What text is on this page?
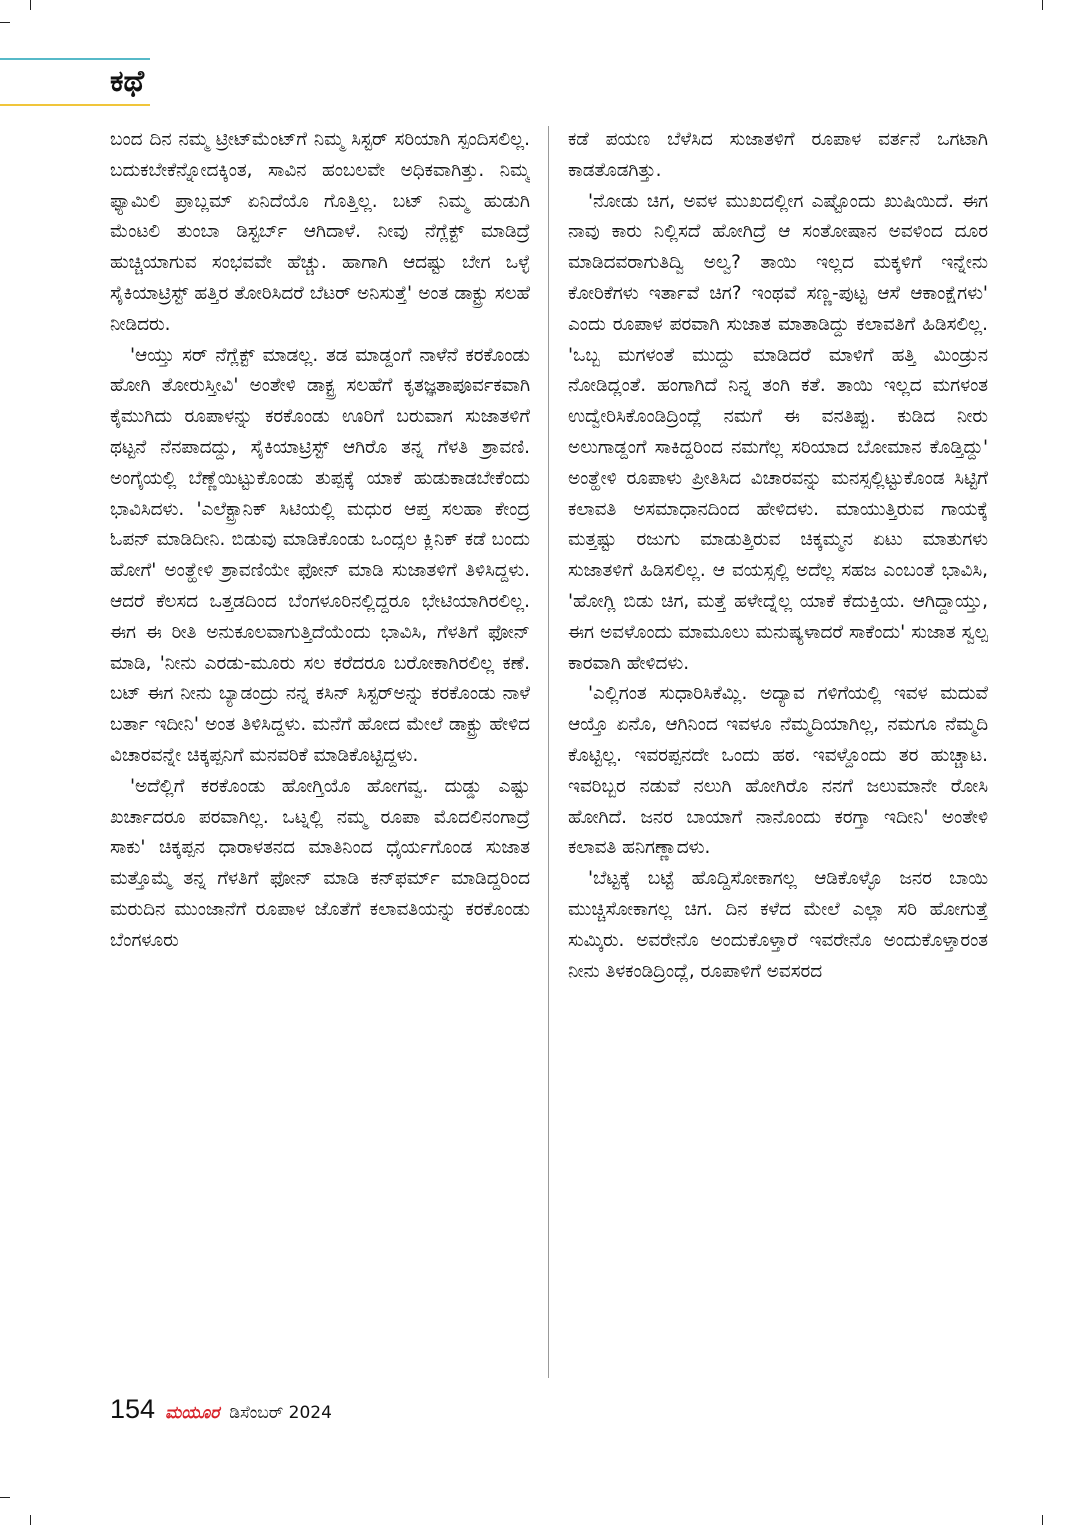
ಕಥೆ

ಬಂದ ದಿನ ನಮ್ಮ ಟ್ರೀಟ್‌ಮೆಂಟ್‌ಗೆ ನಿಮ್ಮ ಸಿಸ್ಟರ್ ಸರಿಯಾಗಿ ಸ್ಪಂದಿಸಲಿಲ್ಲ. ಬದುಕಬೇಕೆನ್ನೋದಕ್ಕಿಂತ, ಸಾವಿನ ಹಂಬಲವೇ ಅಧಿಕವಾಗಿತ್ತು. ನಿಮ್ಮ ಫ್ಯಾಮಿಲಿ ಪ್ರಾಬ್ಲಮ್ ಏನಿದೆಯೊ ಗೊತ್ತಿಲ್ಲ. ಬಟ್ ನಿಮ್ಮ ಹುಡುಗಿ ಮೆಂಟಲಿ ತುಂಬಾ ಡಿಸ್ಟರ್ಬ್ ಆಗಿದಾಳೆ. ನೀವು ನೆಗ್ಲೆಕ್ಟ್ ಮಾಡಿದ್ರೆ ಹುಚ್ಚಿಯಾಗುವ ಸಂಭವವೇ ಹೆಚ್ಚು. ಹಾಗಾಗಿ ಆದಷ್ಟು ಬೇಗ ಒಳ್ಳೆ ಸೈಕಿಯಾಟ್ರಿಸ್ಟ್ ಹತ್ತಿರ ತೋರಿಸಿದರೆ ಬೆಟರ್ ಅನಿಸುತ್ತೆ' ಅಂತ ಡಾಕ್ಟ್ರು ಸಲಹೆ ನೀಡಿದರು.

'ಆಯ್ತು ಸರ್ ನೆಗ್ಲೆಕ್ಟ್ ಮಾಡಲ್ಲ. ತಡ ಮಾಡ್ದಂಗೆ ನಾಳೆನೆ ಕರಕೊಂಡು ಹೋಗಿ ತೋರುಸ್ತೀವಿ' ಅಂತೇಳಿ ಡಾಕ್ಟ್ರ ಸಲಹೆಗೆ ಕೃತಜ್ಞತಾಪೂರ್ವಕವಾಗಿ ಕೈಮುಗಿದು ರೂಪಾಳನ್ನು ಕರಕೊಂಡು ಊರಿಗೆ ಬರುವಾಗ ಸುಜಾತಳಿಗೆ ಥಟ್ಟನೆ ನೆನಪಾದದ್ದು, ಸೈಕಿಯಾಟ್ರಿಸ್ಟ್ ಆಗಿರೊ ತನ್ನ ಗೆಳತಿ ಶ್ರಾವಣಿ. ಅಂಗೈಯಲ್ಲಿ ಬೆಣ್ಣೆಯಿಟ್ಟುಕೊಂಡು ತುಪ್ಪಕ್ಕೆ ಯಾಕೆ ಹುಡುಕಾಡಬೇಕೆಂದು ಭಾವಿಸಿದಳು. 'ಎಲೆಕ್ಟ್ರಾನಿಕ್ ಸಿಟಿಯಲ್ಲಿ ಮಧುರ ಆಪ್ತ ಸಲಹಾ ಕೇಂದ್ರ ಓಪನ್ ಮಾಡಿದೀನಿ. ಬಿಡುವು ಮಾಡಿಕೊಂಡು ಒಂದ್ಸಲ ಕ್ಲಿನಿಕ್ ಕಡೆ ಬಂದು ಹೋಗೆ' ಅಂತ್ಹೇಳಿ ಶ್ರಾವಣಿಯೇ ಫೋನ್ ಮಾಡಿ ಸುಜಾತಳಿಗೆ ತಿಳಿಸಿದ್ದಳು. ಆದರೆ ಕೆಲಸದ ಒತ್ತಡದಿಂದ ಬೆಂಗಳೂರಿನಲ್ಲಿದ್ದರೂ ಭೇಟಿಯಾಗಿರಲಿಲ್ಲ. ಈಗ ಈ ರೀತಿ ಅನುಕೂಲವಾಗುತ್ತಿದೆಯೆಂದು ಭಾವಿಸಿ, ಗೆಳತಿಗೆ ಫೋನ್ ಮಾಡಿ, 'ನೀನು ಎರಡು-ಮೂರು ಸಲ ಕರೆದರೂ ಬರೋಕಾಗಿರಲಿಲ್ಲ ಕಣೆ. ಬಟ್ ಈಗ ನೀನು ಬ್ಯಾಡಂದ್ರು ನನ್ನ ಕಸಿನ್ ಸಿಸ್ಟರ್‌ಅನ್ನು ಕರಕೊಂಡು ನಾಳೆ ಬರ್ತಾ ಇದೀನಿ' ಅಂತ ತಿಳಿಸಿದ್ದಳು. ಮನೆಗೆ ಹೋದ ಮೇಲೆ ಡಾಕ್ಟ್ರು ಹೇಳಿದ ವಿಚಾರವನ್ನೇ ಚಿಕ್ಕಪ್ಪನಿಗೆ ಮನವರಿಕೆ ಮಾಡಿಕೊಟ್ಟಿದ್ದಳು.

'ಅದೆಲ್ಲಿಗೆ ಕರಕೊಂಡು ಹೋಗ್ತಿಯೊ ಹೋಗವ್ವ. ದುಡ್ಡು ಎಷ್ಟು ಖರ್ಚಾದರೂ ಪರವಾಗಿಲ್ಲ. ಒಟ್ನಲ್ಲಿ ನಮ್ಮ ರೂಪಾ ಮೊದಲಿನಂಗಾದ್ರೆ ಸಾಕು' ಚಿಕ್ಕಪ್ಪನ ಧಾರಾಳತನದ ಮಾತಿನಿಂದ ಧೈರ್ಯಗೊಂಡ ಸುಜಾತ ಮತ್ತೊಮ್ಮೆ ತನ್ನ ಗೆಳತಿಗೆ ಫೋನ್ ಮಾಡಿ ಕನ್‌ಫರ್ಮ್ ಮಾಡಿದ್ದರಿಂದ ಮರುದಿನ ಮುಂಜಾನೆಗೆ ರೂಪಾಳ ಜೊತೆಗೆ ಕಲಾವತಿಯನ್ನು ಕರಕೊಂಡು ಬೆಂಗಳೂರು

ಕಡೆ ಪಯಣ ಬೆಳೆಸಿದ ಸುಜಾತಳಿಗೆ ರೂಪಾಳ ವರ್ತನೆ ಒಗಟಾಗಿ ಕಾಡತೊಡಗಿತ್ತು.

'ನೋಡು ಚಿಗ, ಅವಳ ಮುಖದಲ್ಲೀಗ ಎಷ್ಟೊಂದು ಖುಷಿಯಿದೆ. ಈಗ ನಾವು ಕಾರು ನಿಲ್ಲಿಸದೆ ಹೋಗಿದ್ರೆ ಆ ಸಂತೋಷಾನ ಅವಳಿಂದ ದೂರ ಮಾಡಿದವರಾಗುತಿದ್ವಿ ಅಲ್ವ? ತಾಯಿ ಇಲ್ಲದ ಮಕ್ಕಳಿಗೆ ಇನ್ನೇನು ಕೋರಿಕೆಗಳು ಇರ್ತಾವೆ ಚಿಗ? ಇಂಥವೆ ಸಣ್ಣ-ಪುಟ್ಟ ಆಸೆ ಆಕಾಂಕ್ಷೆಗಳು' ಎಂದು ರೂಪಾಳ ಪರವಾಗಿ ಸುಜಾತ ಮಾತಾಡಿದ್ದು ಕಲಾವತಿಗೆ ಹಿಡಿಸಲಿಲ್ಲ. 'ಒಬ್ಬ ಮಗಳಂತೆ ಮುದ್ದು ಮಾಡಿದರೆ ಮಾಳಿಗೆ ಹತ್ತಿ ಮಿಂಡ್ರುನ ನೋಡಿದ್ಲಂತೆ. ಹಂಗಾಗಿದೆ ನಿನ್ನ ತಂಗಿ ಕತೆ. ತಾಯಿ ಇಲ್ಲದ ಮಗಳಂತ ಉದ್ವೇರಿಸಿಕೊಂಡಿದ್ರಿಂದ್ಲೆ ನಮಗೆ ಈ ವನತಿಪ್ಪು. ಕುಡಿದ ನೀರು ಅಲುಗಾಡ್ದಂಗೆ ಸಾಕಿದ್ದರಿಂದ ನಮಗೆಲ್ಲ ಸರಿಯಾದ ಬೋಮಾನ ಕೊಡ್ತಿದ್ದು' ಅಂತ್ಹೇಳಿ ರೂಪಾಳು ಪ್ರೀತಿಸಿದ ವಿಚಾರವನ್ನು ಮನಸ್ಸಲ್ಲಿಟ್ಟುಕೊಂಡ ಸಿಟ್ಟಿಗೆ ಕಲಾವತಿ ಅಸಮಾಧಾನದಿಂದ ಹೇಳಿದಳು. ಮಾಯುತ್ತಿರುವ ಗಾಯಕ್ಕೆ ಮತ್ತಷ್ಟು ರಜುಗು ಮಾಡುತ್ತಿರುವ ಚಿಕ್ಕಮ್ಮನ ಏಟು ಮಾತುಗಳು ಸುಜಾತಳಿಗೆ ಹಿಡಿಸಲಿಲ್ಲ. ಆ ವಯಸ್ಸಲ್ಲಿ ಅದೆಲ್ಲ ಸಹಜ ಎಂಬಂತೆ ಭಾವಿಸಿ, 'ಹೋಗ್ಲಿ ಬಿಡು ಚಿಗ, ಮತ್ತೆ ಹಳೇದ್ನೆಲ್ಲ ಯಾಕೆ ಕೆದುಕ್ತಿಯ. ಆಗಿದ್ದಾಯ್ತು, ಈಗ ಅವಳೊಂದು ಮಾಮೂಲು ಮನುಷ್ಯಳಾದರೆ ಸಾಕೆಂದು' ಸುಜಾತ ಸ್ವಲ್ಪ ಕಾರವಾಗಿ ಹೇಳಿದಳು.

'ಎಲ್ಲಿಗಂತ ಸುಧಾರಿಸಿಕೆಮ್ಲಿ. ಅದ್ಯಾವ ಗಳಿಗೆಯಲ್ಲಿ ಇವಳ ಮದುವೆ ಆಯ್ತೊ ಏನೊ, ಆಗಿನಿಂದ ಇವಳೂ ನೆಮ್ಮದಿಯಾಗಿಲ್ಲ, ನಮಗೂ ನೆಮ್ಮದಿ ಕೊಟ್ಟಿಲ್ಲ. ಇವರಪ್ಪನದೇ ಒಂದು ಹಠ. ಇವಳ್ದೊಂದು ತರ ಹುಚ್ಚಾಟ. ಇವರಿಬ್ಬರ ನಡುವೆ ನಲುಗಿ ಹೋಗಿರೊ ನನಗೆ ಜಲುಮಾನೇ ರೋಸಿ ಹೋಗಿದೆ. ಜನರ ಬಾಯಾಗೆ ನಾನೊಂದು ಕರಗ್ತಾ ಇದೀನಿ' ಅಂತೇಳಿ ಕಲಾವತಿ ಹನಿಗಣ್ಣಾದಳು.

'ಬೆಟ್ಟಕ್ಕೆ ಬಟ್ಟೆ ಹೊದ್ದಿಸೋಕಾಗಲ್ಲ ಆಡಿಕೊಳ್ಳೊ ಜನರ ಬಾಯಿ ಮುಚ್ಚಿಸೋಕಾಗಲ್ಲ ಚಿಗ. ದಿನ ಕಳೆದ ಮೇಲೆ ಎಲ್ಲಾ ಸರಿ ಹೋಗುತ್ತೆ ಸುಮ್ಕಿರು. ಅವರೇನೊ ಅಂದುಕೊಳ್ತಾರೆ ಇವರೇನೊ ಅಂದುಕೊಳ್ತಾರಂತ ನೀನು ತಿಳಕಂಡಿದ್ರಿಂದ್ಲೆ, ರೂಪಾಳಿಗೆ ಅವಸರದ

154 ಮಯೂರ ಡಿಸೆಂಬರ್ 2024
